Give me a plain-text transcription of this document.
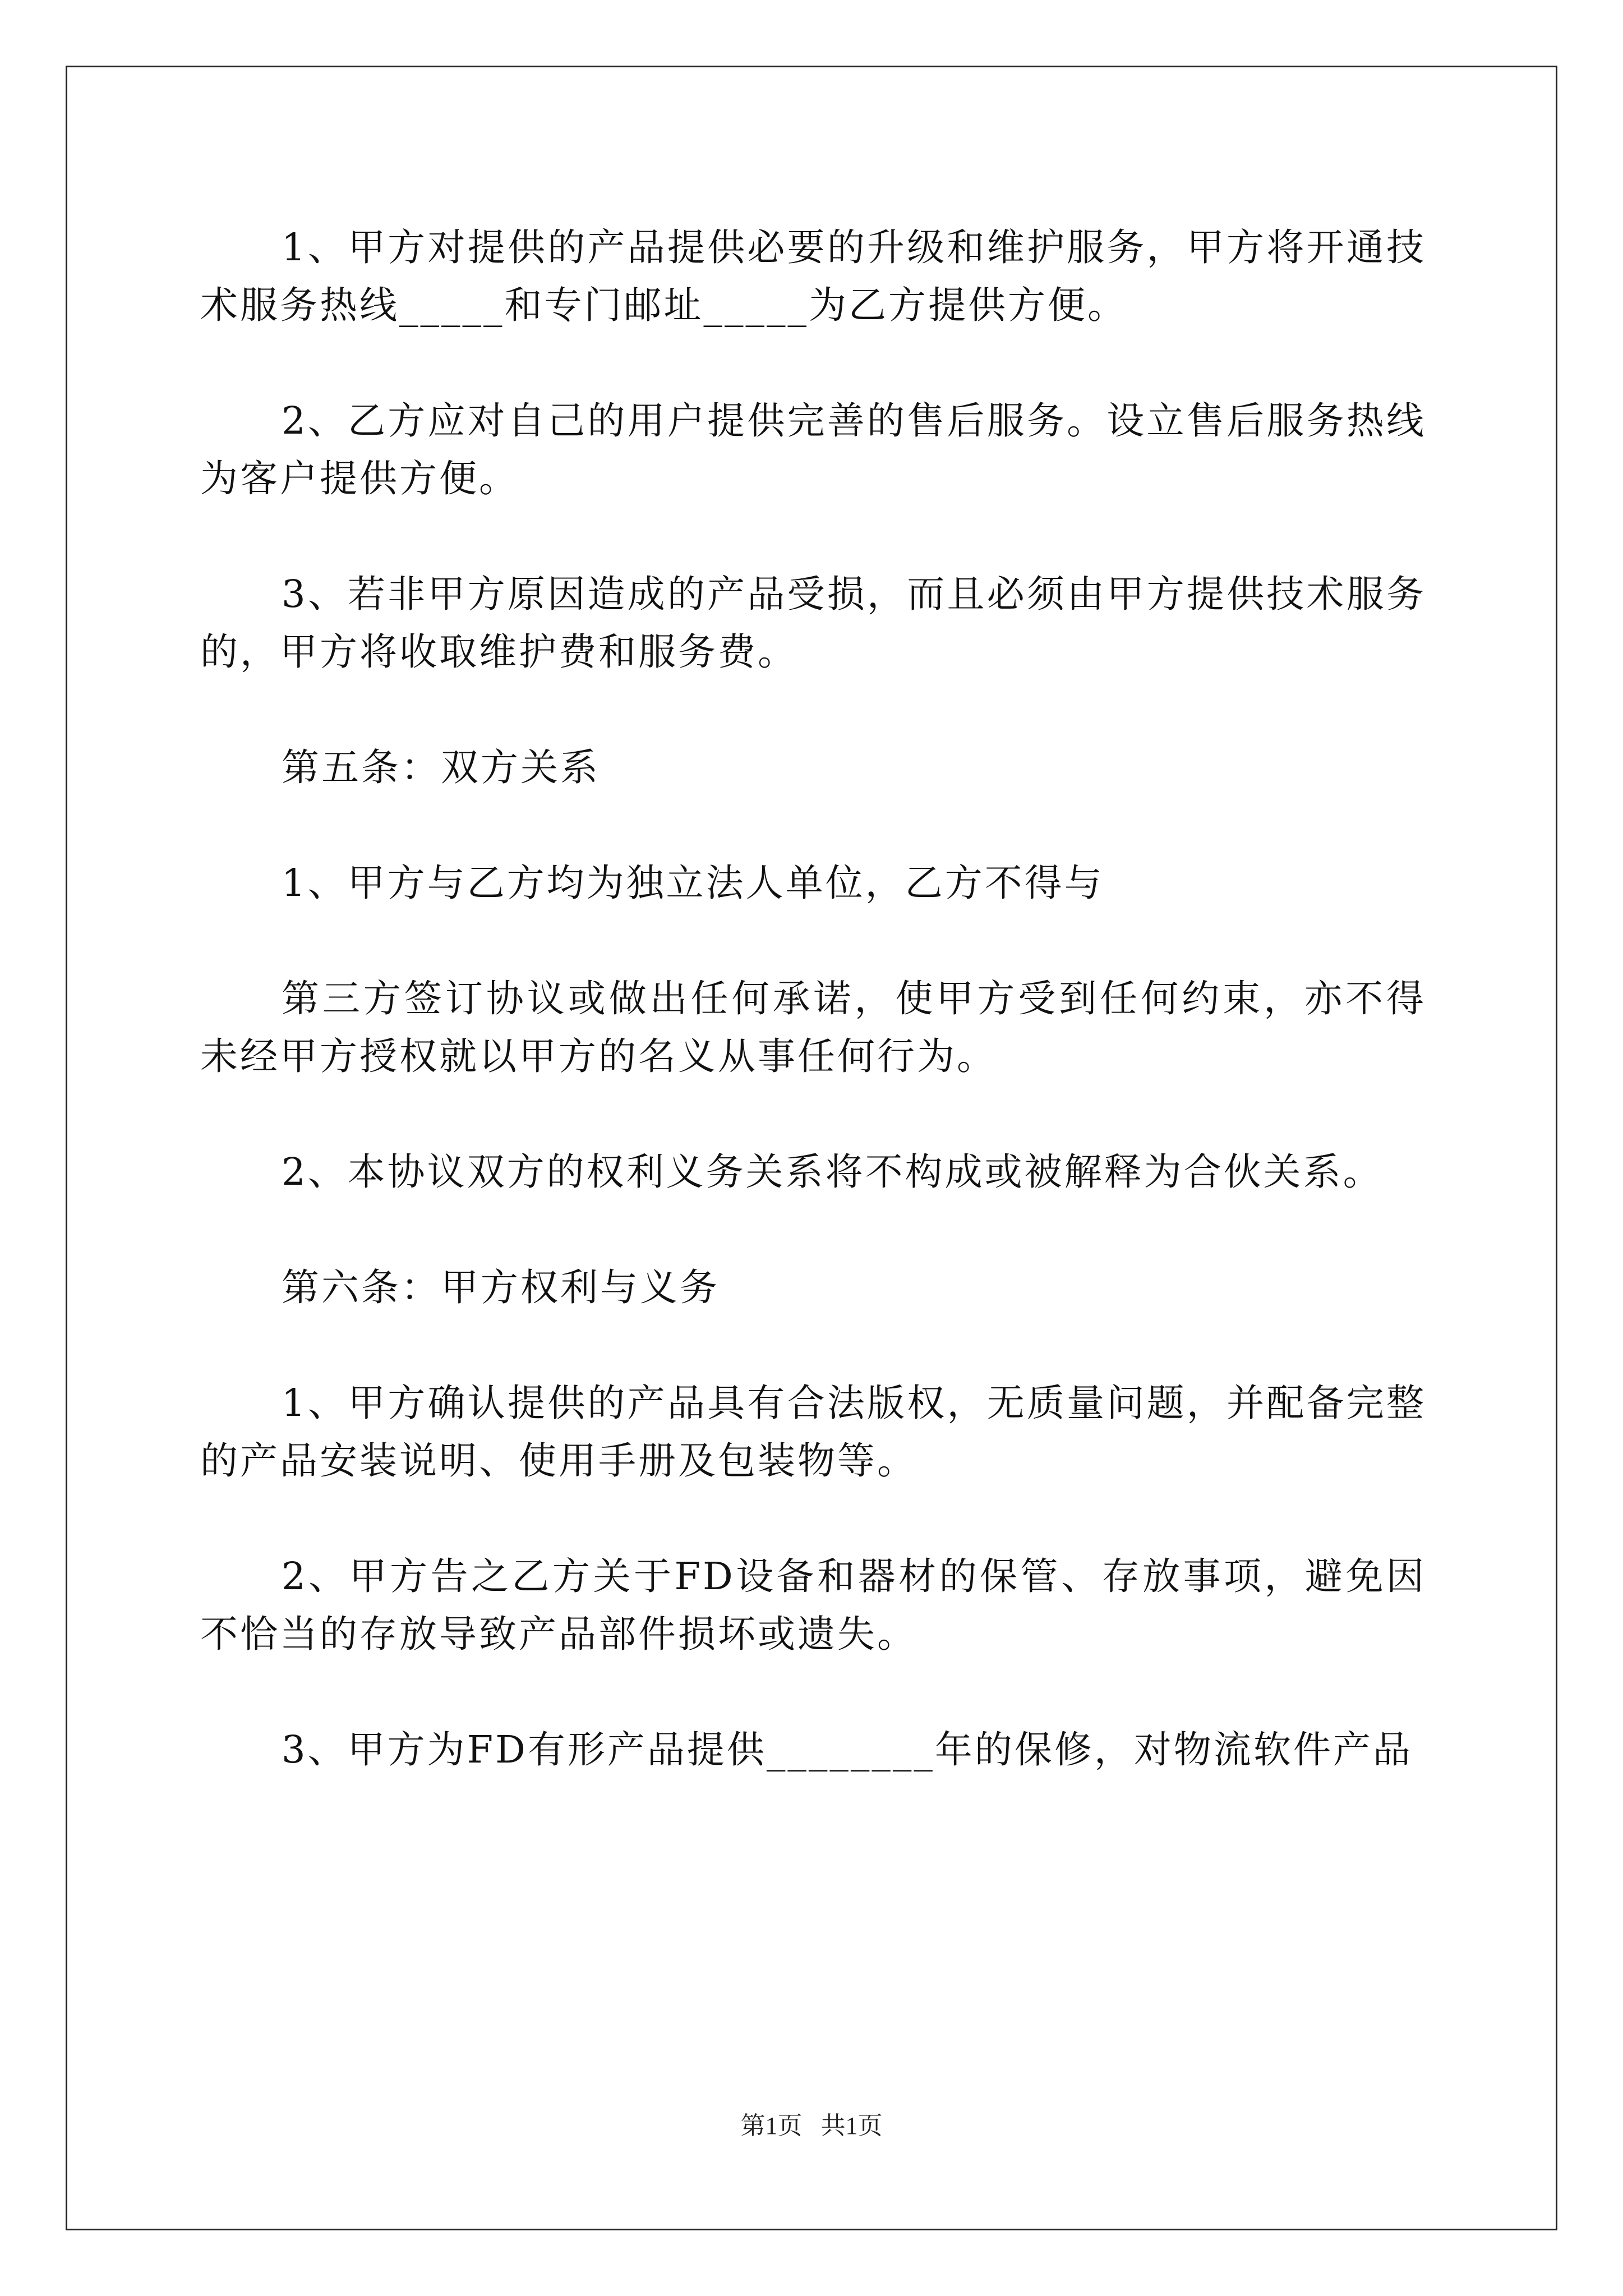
1、甲方对提供的产品提供必要的升级和维护服务，甲方将开通技术服务热线_____和专门邮址_____为乙方提供方便。

2、乙方应对自己的用户提供完善的售后服务。设立售后服务热线为客户提供方便。

3、若非甲方原因造成的产品受损，而且必须由甲方提供技术服务的，甲方将收取维护费和服务费。

第五条：双方关系

1、甲方与乙方均为独立法人单位，乙方不得与

第三方签订协议或做出任何承诺，使甲方受到任何约束，亦不得未经甲方授权就以甲方的名义从事任何行为。

2、本协议双方的权利义务关系将不构成或被解释为合伙关系。

第六条：甲方权利与义务

1、甲方确认提供的产品具有合法版权，无质量问题，并配备完整的产品安装说明、使用手册及包装物等。

2、甲方告之乙方关于FD设备和器材的保管、存放事项，避免因不恰当的存放导致产品部件损坏或遗失。

3、甲方为FD有形产品提供________年的保修，对物流软件产品

第1页   共1页
